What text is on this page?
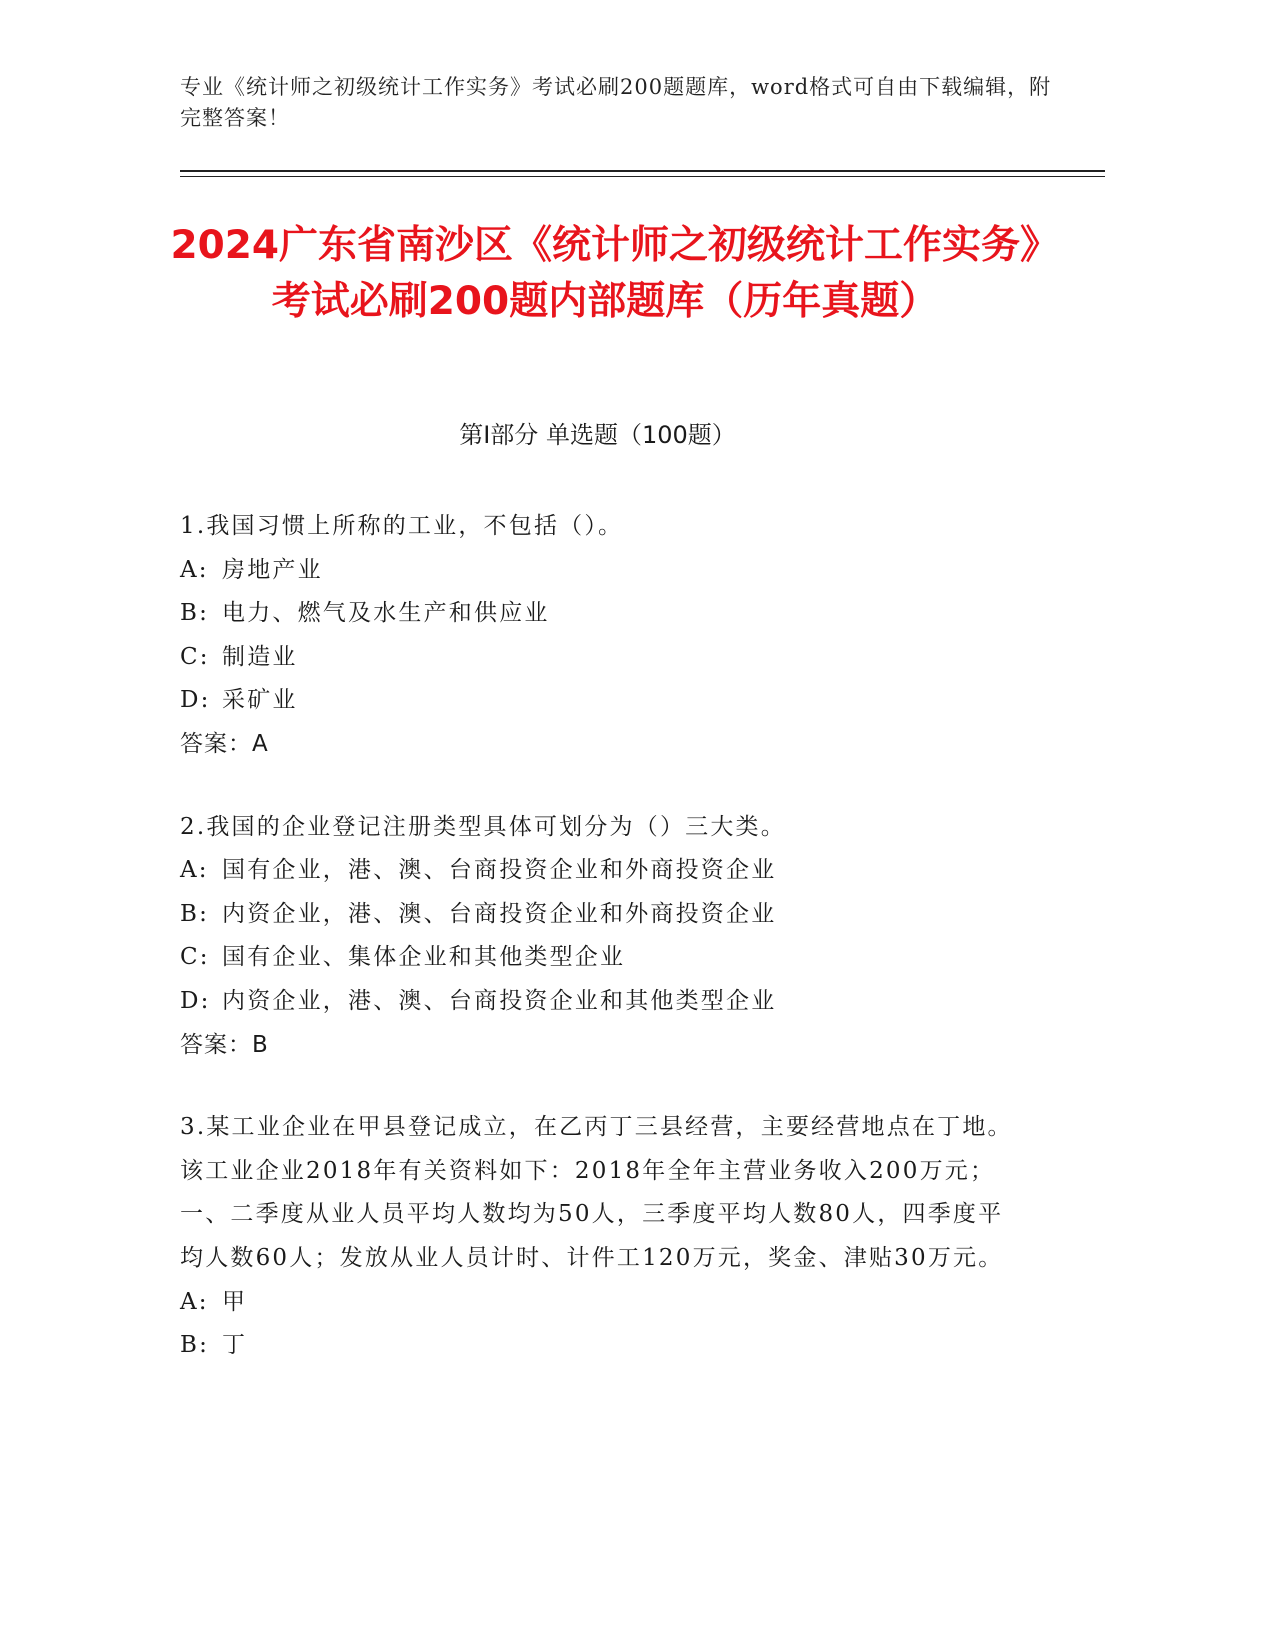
专业《统计师之初级统计工作实务》考试必刷200题题库，word格式可自由下载编辑，附完整答案！
2024广东省南沙区《统计师之初级统计工作实务》考试必刷200题内部题库（历年真题）
第Ⅰ部分 单选题（100题）
1.我国习惯上所称的工业，不包括（）。
A: 房地产业
B: 电力、燃气及水生产和供应业
C: 制造业
D: 采矿业
答案：A
2.我国的企业登记注册类型具体可划分为（）三大类。
A: 国有企业，港、澳、台商投资企业和外商投资企业
B: 内资企业，港、澳、台商投资企业和外商投资企业
C: 国有企业、集体企业和其他类型企业
D: 内资企业，港、澳、台商投资企业和其他类型企业
答案：B
3.某工业企业在甲县登记成立，在乙丙丁三县经营，主要经营地点在丁地。该工业企业2018年有关资料如下：2018年全年主营业务收入200万元；一、二季度从业人员平均人数均为50人，三季度平均人数80人，四季度平均人数60人；发放从业人员计时、计件工120万元，奖金、津贴30万元。
A: 甲
B: 丁
